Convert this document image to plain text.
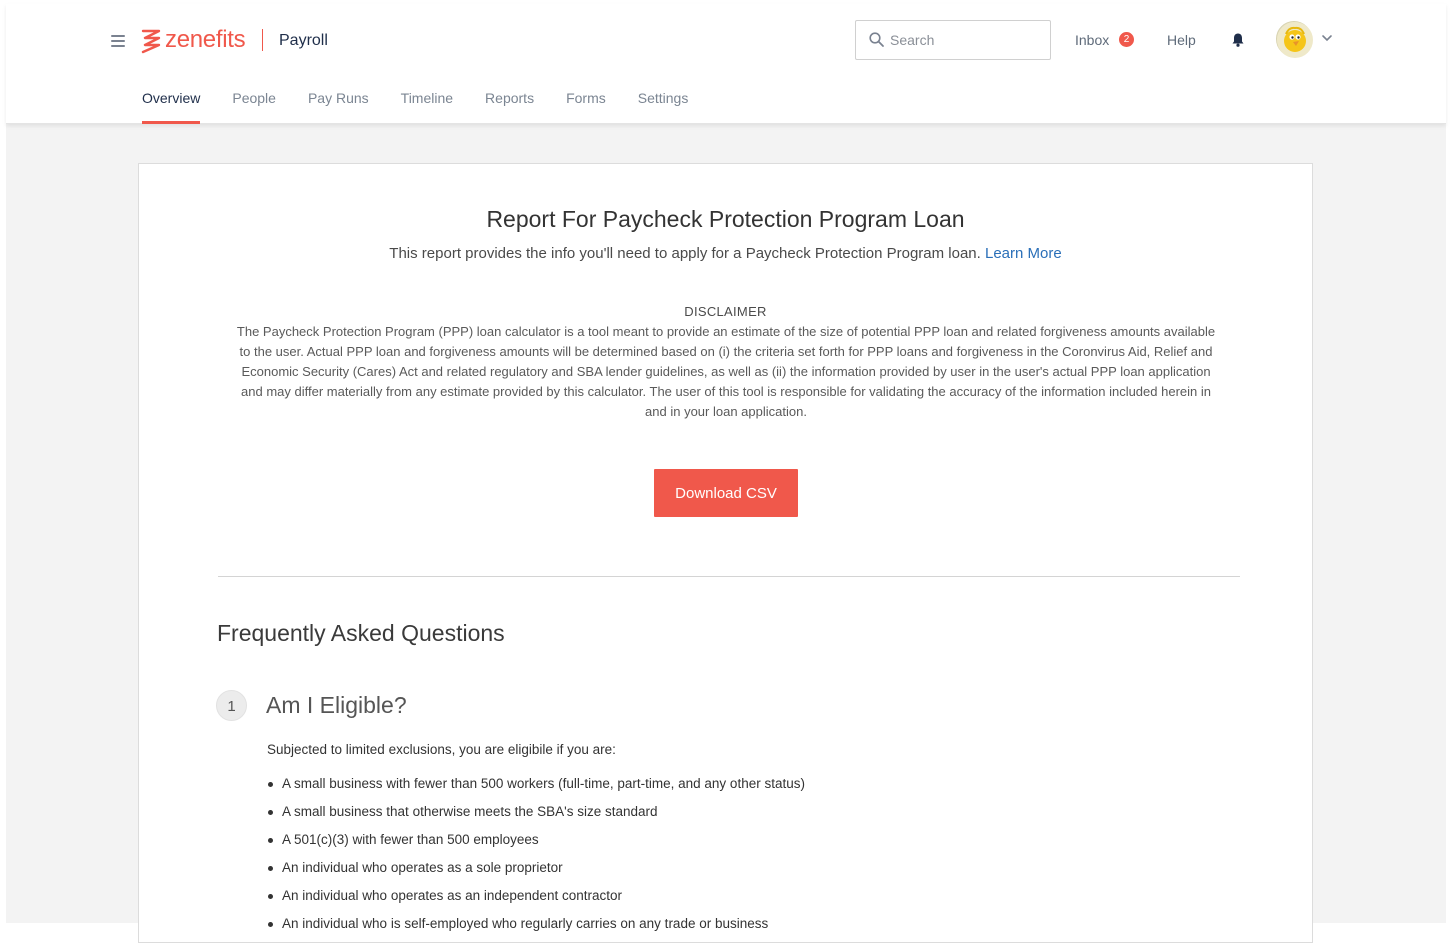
zenefits Payroll
Search	Inbox	2	Help
Overview People Pay Runs Timeline Reports Forms Settings
Report For Paycheck Protection Program Loan
This report provides the info you'll need to apply for a Paycheck Protection Program loan. Learn More
DISCLAIMER

The Paycheck Protection Program (PPP) loan calculator is a tool meant to provide an estimate of the size of potential PPP loan and related forgiveness amounts available to the user. Actual PPP loan and forgiveness amounts will be determined based on (i) the criteria set forth for PPP loans and forgiveness in the Coronvirus Aid, Relief and Economic Security (Cares) Act and related regulatory and SBA lender guidelines, as well as (ii) the information provided by user in the user's actual PPP loan application and may differ materially from any estimate provided by this calculator. The user of this tool is responsible for validating the accuracy of the information included herein in and in your loan application.

Download CSV
Frequently Asked Questions
1	Am I Eligible?

Subjected to limited exclusions, you are eligibile if you are:

A small business with fewer than 500 workers (full-time, part-time, and any other status)
A small business that otherwise meets the SBA's size standard
A 501(c)(3) with fewer than 500 employees
An individual who operates as a sole proprietor
An individual who operates as an independent contractor
An individual who is self-employed who regularly carries on any trade or business
